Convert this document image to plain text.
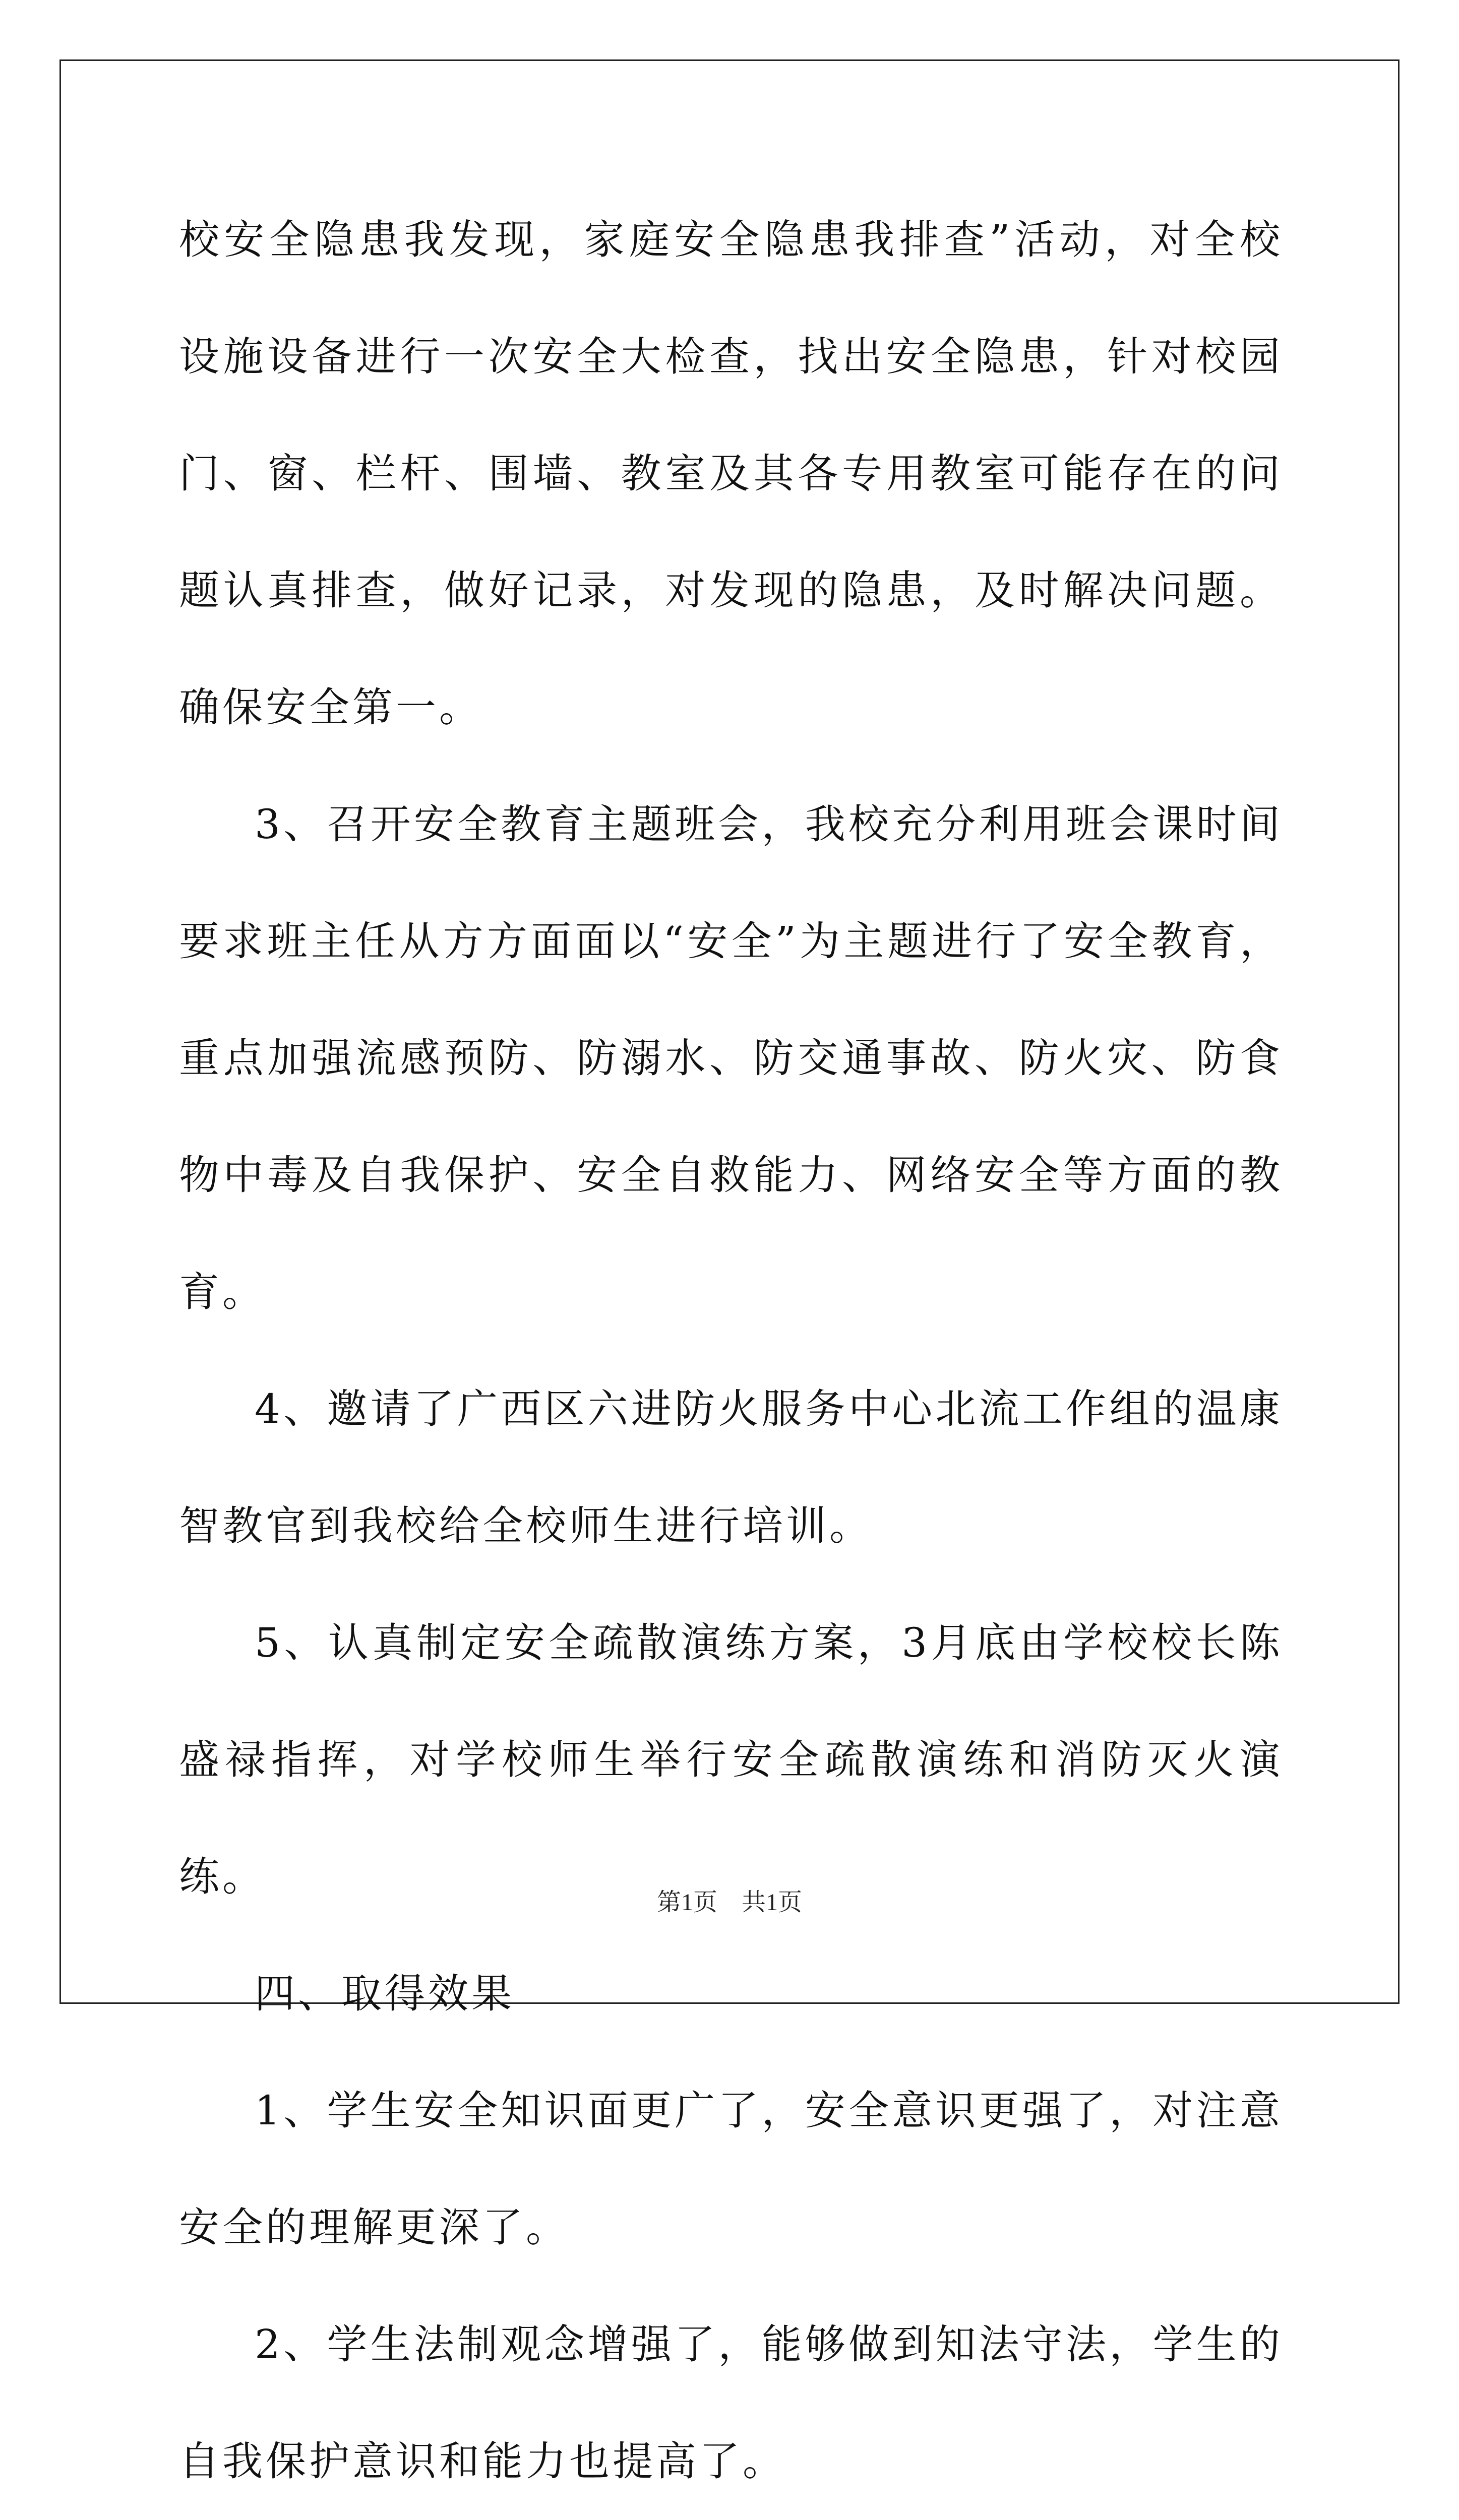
校安全隐患我发现，家庭安全隐患我排查”活动，对全校设施设备进行一次安全大检查，找出安全隐患，针对校园门、窗、栏杆、围墙、教室及其各专用教室可能存在的问题认真排查，做好记录，对发现的隐患，及时解决问题。确保安全第一。

3、召开安全教育主题班会，我校充分利用班会课时间要求班主任从方方面面以“安全”为主题进行了安全教育，重点加强流感预防、防溺水、防交通事故、防火灾、防食物中毒及自我保护、安全自救能力、网络安全等方面的教育。

4、邀请了广西区六进防火服务中心北流工作组的温康智教官到我校给全校师生进行培训。

5、认真制定安全疏散演练方案，3月底由学校校长陈盛禄指挥，对学校师生举行安全疏散演练和消防灭火演练。

四、取得效果

1、学生安全知识面更广了，安全意识更强了，对注意安全的理解更深了。

2、学生法制观念增强了，能够做到知法守法，学生的自我保护意识和能力也提高了。

第1页 共1页
